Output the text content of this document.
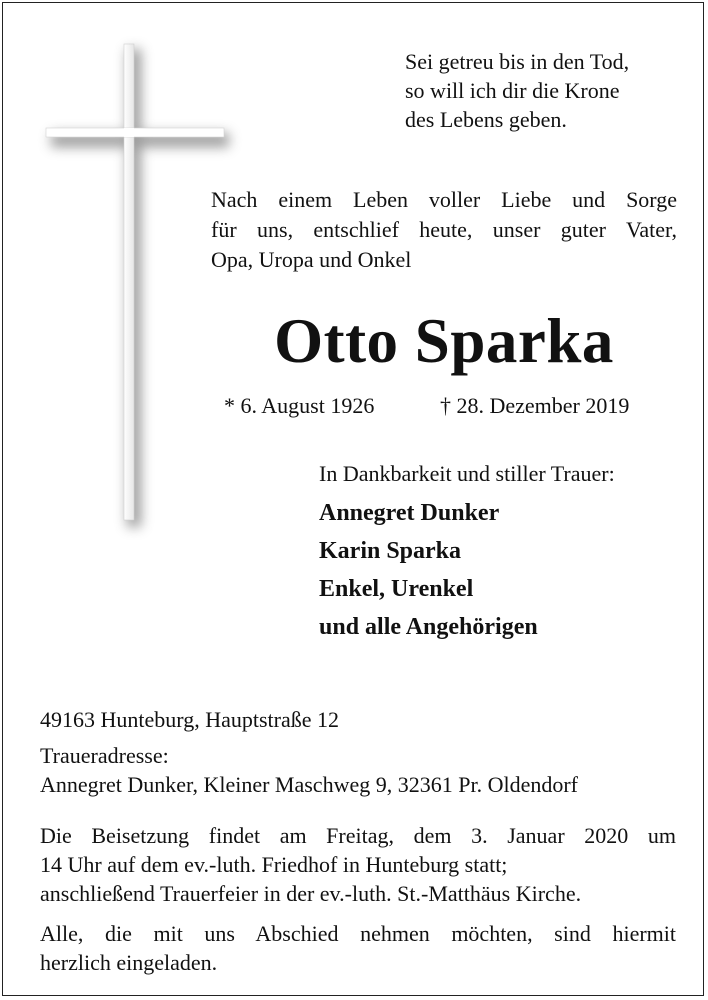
Sei getreu bis in den Tod,
so will ich dir die Krone
des Lebens geben.
Nach einem Leben voller Liebe und Sorge
für uns, entschlief heute, unser guter Vater,
Opa, Uropa und Onkel
Otto Sparka
* 6. August 1926	† 28. Dezember 2019
In Dankbarkeit und stiller Trauer:
Annegret Dunker
Karin Sparka
Enkel, Urenkel
und alle Angehörigen
49163 Hunteburg, Hauptstraße 12
Traueradresse:
Annegret Dunker, Kleiner Maschweg 9, 32361 Pr. Oldendorf
Die Beisetzung findet am Freitag, dem 3. Januar 2020 um
14 Uhr auf dem ev.-luth. Friedhof in Hunteburg statt;
anschließend Trauerfeier in der ev.-luth. St.-Matthäus Kirche.
Alle, die mit uns Abschied nehmen möchten, sind hiermit
herzlich eingeladen.
